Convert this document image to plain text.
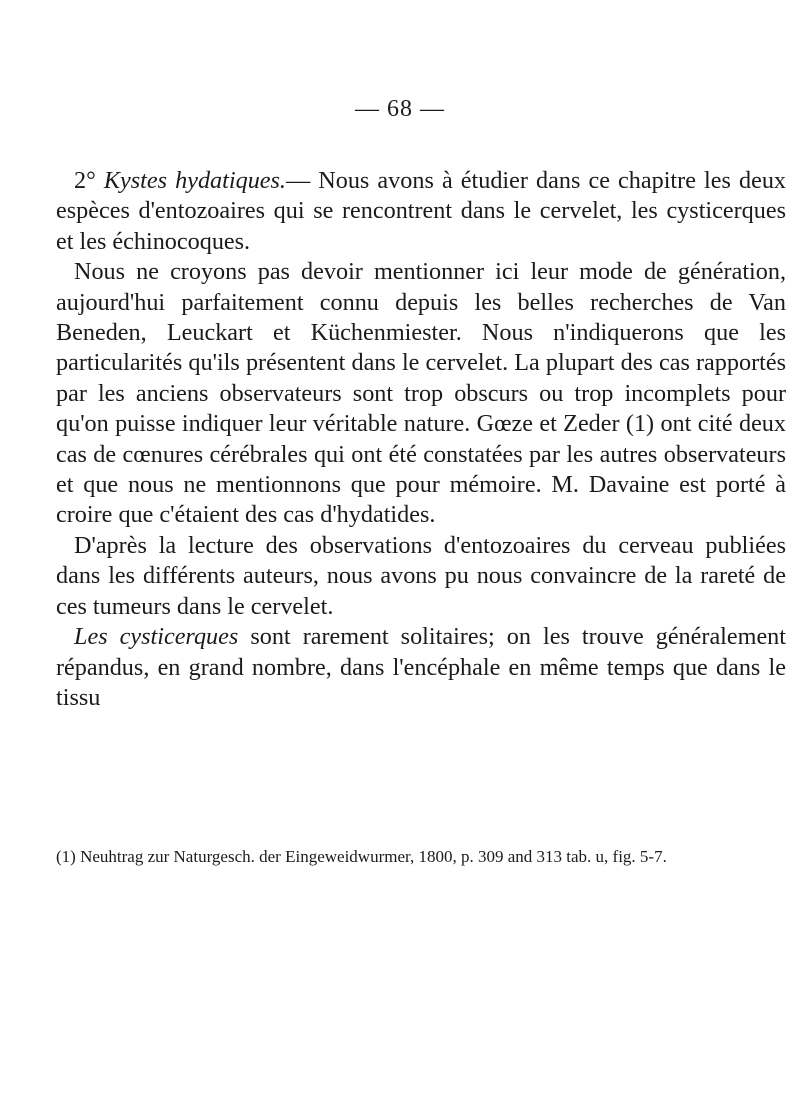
— 68 —

2° Kystes hydatiques.— Nous avons à étudier dans ce chapitre les deux espèces d'entozoaires qui se rencontrent dans le cervelet, les cysticerques et les échinocoques.

Nous ne croyons pas devoir mentionner ici leur mode de génération, aujourd'hui parfaitement connu depuis les belles recherches de Van Beneden, Leuckart et Küchenmiester. Nous n'indiquerons que les particularités qu'ils présentent dans le cervelet. La plupart des cas rapportés par les anciens observateurs sont trop obscurs ou trop incomplets pour qu'on puisse indiquer leur véritable nature. Gœze et Zeder (1) ont cité deux cas de cœnures cérébrales qui ont été constatées par les autres observateurs et que nous ne mentionnons que pour mémoire. M. Davaine est porté à croire que c'étaient des cas d'hydatides.

D'après la lecture des observations d'entozoaires du cerveau publiées dans les différents auteurs, nous avons pu nous convaincre de la rareté de ces tumeurs dans le cervelet.

Les cysticerques sont rarement solitaires; on les trouve généralement répandus, en grand nombre, dans l'encéphale en même temps que dans le tissu

(1) Neuhtrag zur Naturgesch. der Eingeweidwurmer, 1800, p. 309 and 313 tab. u, fig. 5-7.
